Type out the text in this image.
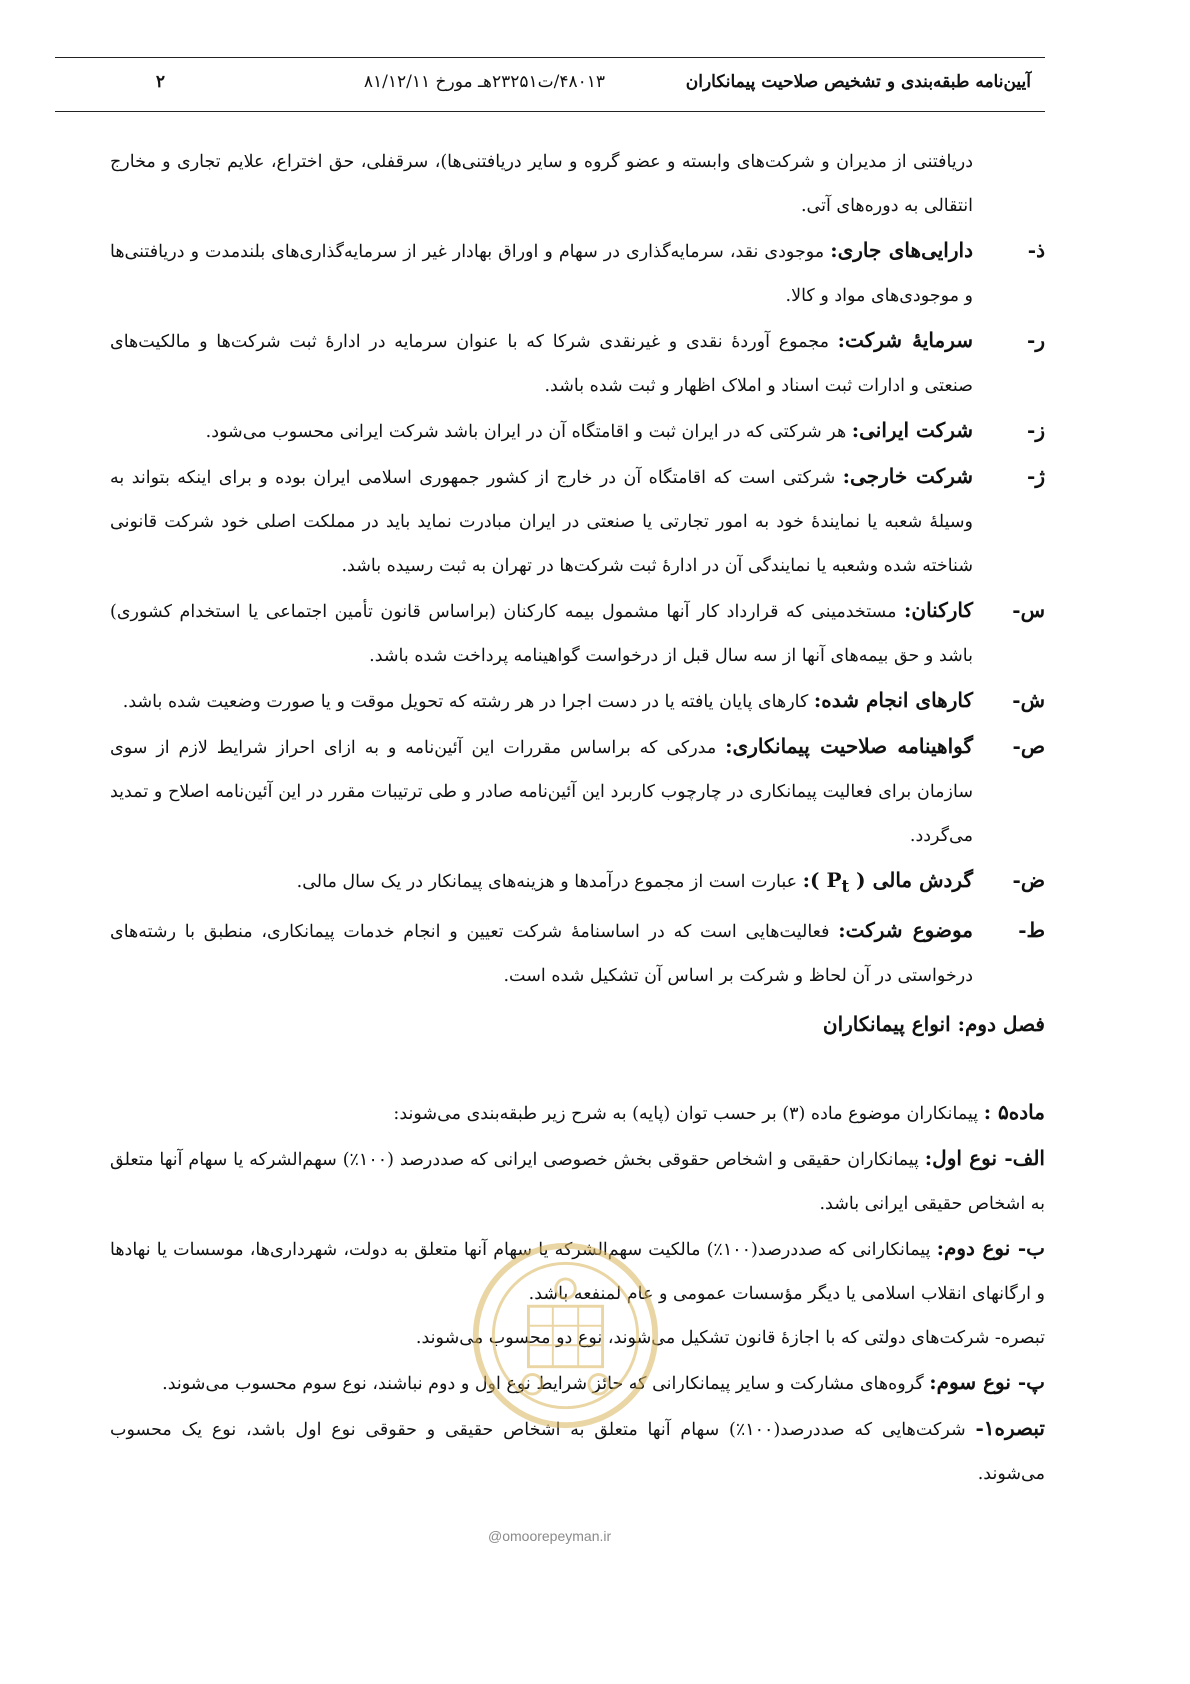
آیین‌نامه طبقه‌بندی و تشخیص صلاحیت پیمانکاران
۴۸۰۱۳/ت۲۳۲۵۱هـ مورخ ۸۱/۱۲/۱۱
۲
دریافتنی از مدیران و شرکت‌های وابسته و عضو گروه و سایر دریافتنی‌ها)، سرقفلی، حق اختراع، علایم تجاری و مخارج انتقالی به دوره‌های آتی.
ذ-
دارایی‌های جاری: موجودی نقد، سرمایه‌گذاری در سهام و اوراق بهادار غیر از سرمایه‌گذاری‌های بلندمدت و دریافتنی‌ها و موجودی‌های مواد و کالا.
ر-
سرمایهٔ شرکت: مجموع آوردهٔ نقدی و غیرنقدی شرکا که با عنوان سرمایه در ادارهٔ ثبت شرکت‌ها و مالکیت‌های صنعتی و ادارات ثبت اسناد و املاک اظهار و ثبت شده باشد.
ز-
شرکت ایرانی: هر شرکتی که در ایران ثبت و اقامتگاه آن در ایران باشد شرکت ایرانی محسوب می‌شود.
ژ-
شرکت خارجی: شرکتی است که اقامتگاه آن در خارج از کشور جمهوری اسلامی ایران بوده و برای اینکه بتواند به وسیلهٔ شعبه یا نمایندهٔ خود به امور تجارتی یا صنعتی در ایران مبادرت نماید باید در مملکت اصلی خود شرکت قانونی شناخته شده وشعبه یا نمایندگی آن در ادارهٔ ثبت شرکت‌ها در تهران به ثبت رسیده باشد.
س-
کارکنان: مستخدمینی که قرارداد کار آنها مشمول بیمه کارکنان (براساس قانون تأمین اجتماعی یا استخدام کشوری) باشد و حق بیمه‌های آنها از سه سال قبل از درخواست گواهینامه پرداخت شده باشد.
ش-
کارهای انجام شده: کارهای پایان یافته یا در دست اجرا در هر رشته که تحویل موقت و یا صورت وضعیت شده باشد.
ص-
گواهینامه صلاحیت پیمانکاری: مدرکی که براساس مقررات این آئین‌نامه و به ازای احراز شرایط لازم از سوی سازمان برای فعالیت پیمانکاری در چارچوب کاربرد این آئین‌نامه صادر و طی ترتیبات مقرر در این آئین‌نامه اصلاح و تمدید می‌گردد.
ض-
گردش مالی ( $P_t$ ): عبارت است از مجموع درآمدها و هزینه‌های پیمانکار در یک سال مالی.
ط-
موضوع شرکت: فعالیت‌هایی است که در اساسنامهٔ شرکت تعیین و انجام خدمات پیمانکاری، منطبق با رشته‌های درخواستی در آن لحاظ و شرکت بر اساس آن تشکیل شده است.
فصل دوم: انواع پیمانکاران
ماده۵ : پیمانکاران موضوع ماده (۳) بر حسب توان (پایه) به شرح زیر طبقه‌بندی می‌شوند:
الف- نوع اول: پیمانکاران حقیقی و اشخاص حقوقی بخش خصوصی ایرانی که صددرصد (۱۰۰٪) سهم‌الشرکه یا سهام آنها متعلق به اشخاص حقیقی ایرانی باشد.
ب- نوع دوم: پیمانکارانی که صددرصد(۱۰۰٪) مالکیت سهم‌الشرکه یا سهام آنها متعلق به دولت، شهرداری‌ها، موسسات یا نهادها و ارگانهای انقلاب اسلامی یا دیگر مؤسسات عمومی و عام لمنفعه باشد.
تبصره- شرکت‌های دولتی که با اجازهٔ قانون تشکیل می‌شوند، نوع دو محسوب می‌شوند.
پ- نوع سوم: گروه‌های مشارکت و سایر پیمانکارانی که حائز شرایط نوع اول و دوم نباشند، نوع سوم محسوب می‌شوند.
تبصره۱- شرکت‌هایی که صددرصد(۱۰۰٪) سهام آنها متعلق به اشخاص حقیقی و حقوقی نوع اول باشد، نوع یک محسوب می‌شوند.
@omoorepeyman.ir
